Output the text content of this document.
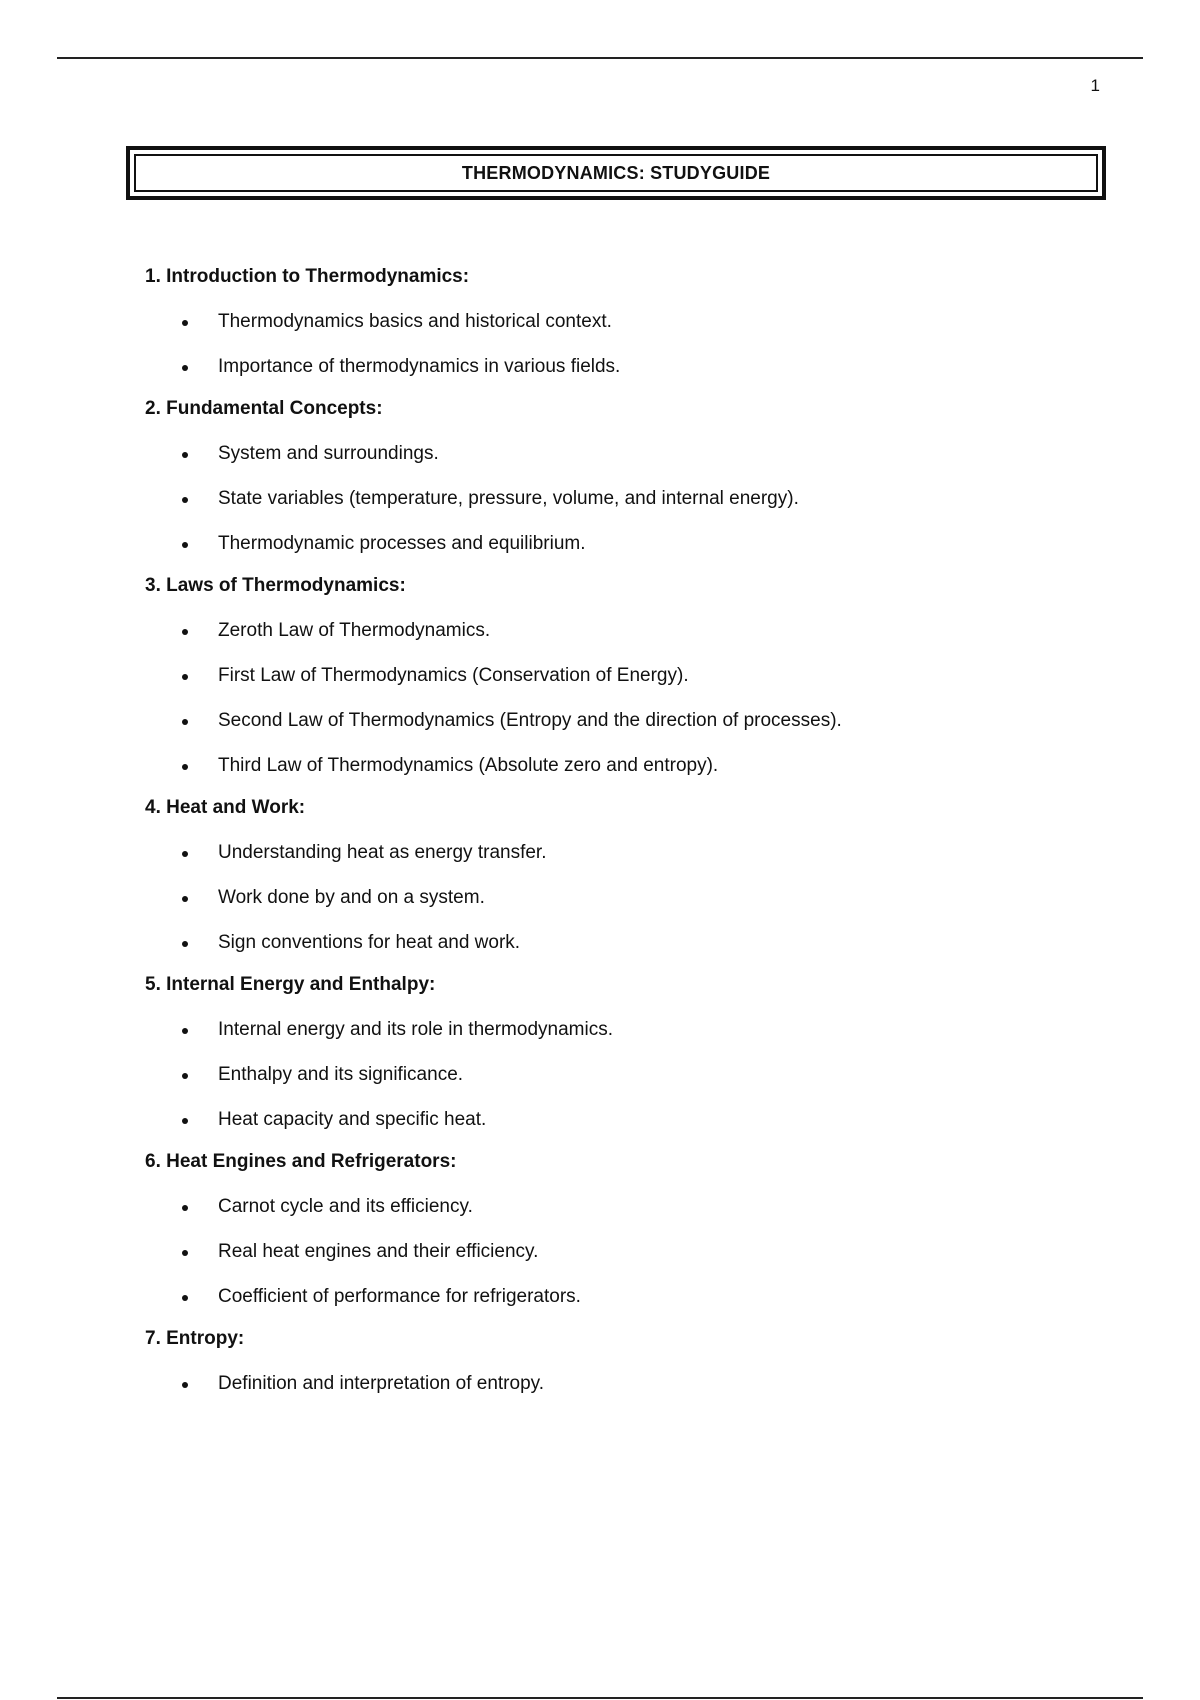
1
THERMODYNAMICS: STUDYGUIDE
1. Introduction to Thermodynamics:
Thermodynamics basics and historical context.
Importance of thermodynamics in various fields.
2. Fundamental Concepts:
System and surroundings.
State variables (temperature, pressure, volume, and internal energy).
Thermodynamic processes and equilibrium.
3. Laws of Thermodynamics:
Zeroth Law of Thermodynamics.
First Law of Thermodynamics (Conservation of Energy).
Second Law of Thermodynamics (Entropy and the direction of processes).
Third Law of Thermodynamics (Absolute zero and entropy).
4. Heat and Work:
Understanding heat as energy transfer.
Work done by and on a system.
Sign conventions for heat and work.
5. Internal Energy and Enthalpy:
Internal energy and its role in thermodynamics.
Enthalpy and its significance.
Heat capacity and specific heat.
6. Heat Engines and Refrigerators:
Carnot cycle and its efficiency.
Real heat engines and their efficiency.
Coefficient of performance for refrigerators.
7. Entropy:
Definition and interpretation of entropy.
